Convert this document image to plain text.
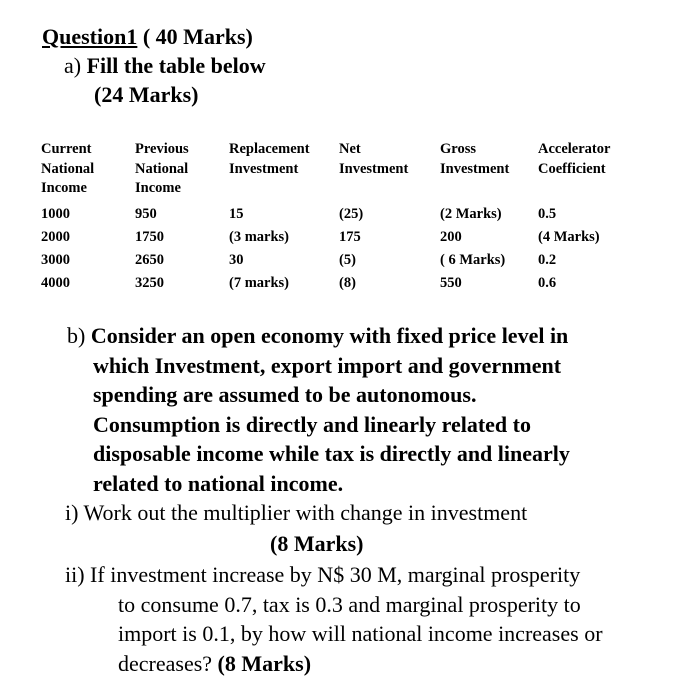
Question1 ( 40 Marks)
a) Fill the table below
(24 Marks)
Current
National
Income	Previous
National
Income	Replacement
Investment	Net
Investment	Gross
Investment	Accelerator
Coefficient

1000	950	15	(25)	(2 Marks)	0.5
2000	1750	(3 marks)	175	200	(4 Marks)
3000	2650	30	(5)	( 6 Marks)	0.2
4000	3250	(7 marks)	(8)	550	0.6
b) Consider an open economy with fixed price level in
which Investment, export import and government
spending are assumed to be autonomous.
Consumption is directly and linearly related to
disposable income while tax is directly and linearly
related to national income.
i) Work out the multiplier with change in investment
(8 Marks)
ii) If investment increase by N$ 30 M, marginal prosperity
to consume 0.7, tax is 0.3 and marginal prosperity to
import is 0.1, by how will national income increases or
decreases? (8 Marks)
